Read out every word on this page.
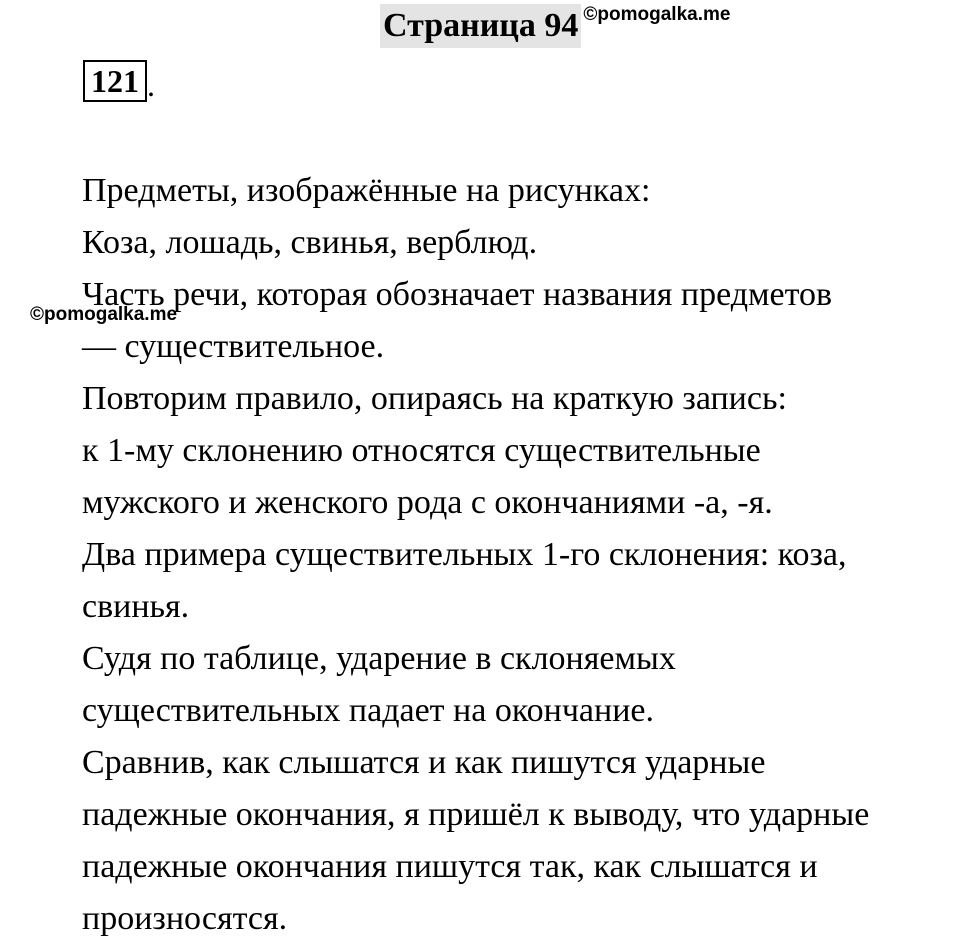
Страница 94 ©pomogalka.me
121 .
©pomogalka.me

Предметы, изображённые на рисунках:

Коза, лошадь, свинья, верблюд.

Часть речи, которая обозначает названия предметов
— существительное.

Повторим правило, опираясь на краткую запись:

к 1-му склонению относятся существительные
мужского и женского рода с окончаниями -а, -я.

Два примера существительных 1-го склонения: коза,
свинья.

Судя по таблице, ударение в склоняемых
существительных падает на окончание.

Сравнив, как слышатся и как пишутся ударные
падежные окончания, я пришёл к выводу, что ударные
падежные окончания пишутся так, как слышатся и
произносятся.
